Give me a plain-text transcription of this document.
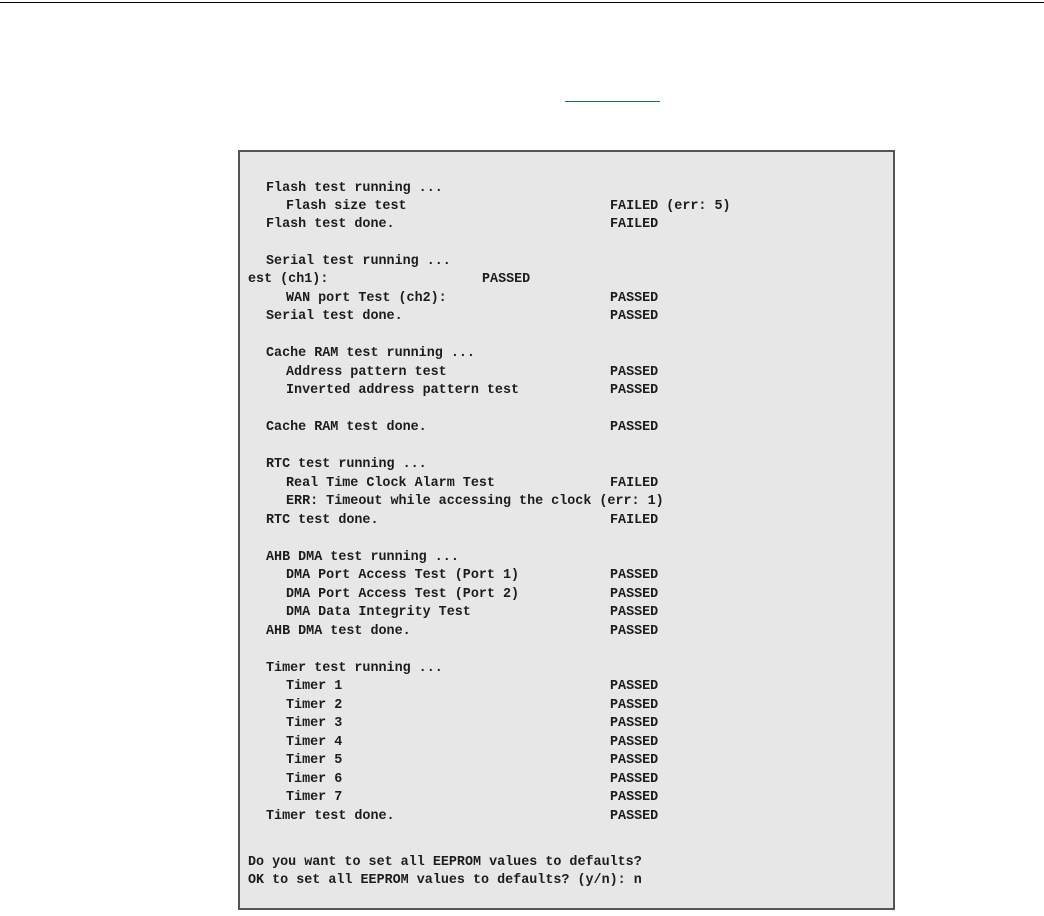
Flash test running ...
Flash size test	FAILED (err: 5)
Flash test done.	FAILED
Serial test running ...
est (ch1):	PASSED
WAN port Test (ch2):	PASSED
Serial test done.	PASSED
Cache RAM test running ...
Address pattern test	PASSED
Inverted address pattern test	PASSED
Cache RAM test done.	PASSED
RTC test running ...
Real Time Clock Alarm Test	FAILED
ERR: Timeout while accessing the clock (err: 1)
RTC test done.	FAILED
AHB DMA test running ...
DMA Port Access Test (Port 1)	PASSED
DMA Port Access Test (Port 2)	PASSED
DMA Data Integrity Test	PASSED
AHB DMA test done.	PASSED
Timer test running ...
Timer 1	PASSED
Timer 2	PASSED
Timer 3	PASSED
Timer 4	PASSED
Timer 5	PASSED
Timer 6	PASSED
Timer 7	PASSED
Timer test done.	PASSED
Do you want to set all EEPROM values to defaults?
OK to set all EEPROM values to defaults? (y/n): n
